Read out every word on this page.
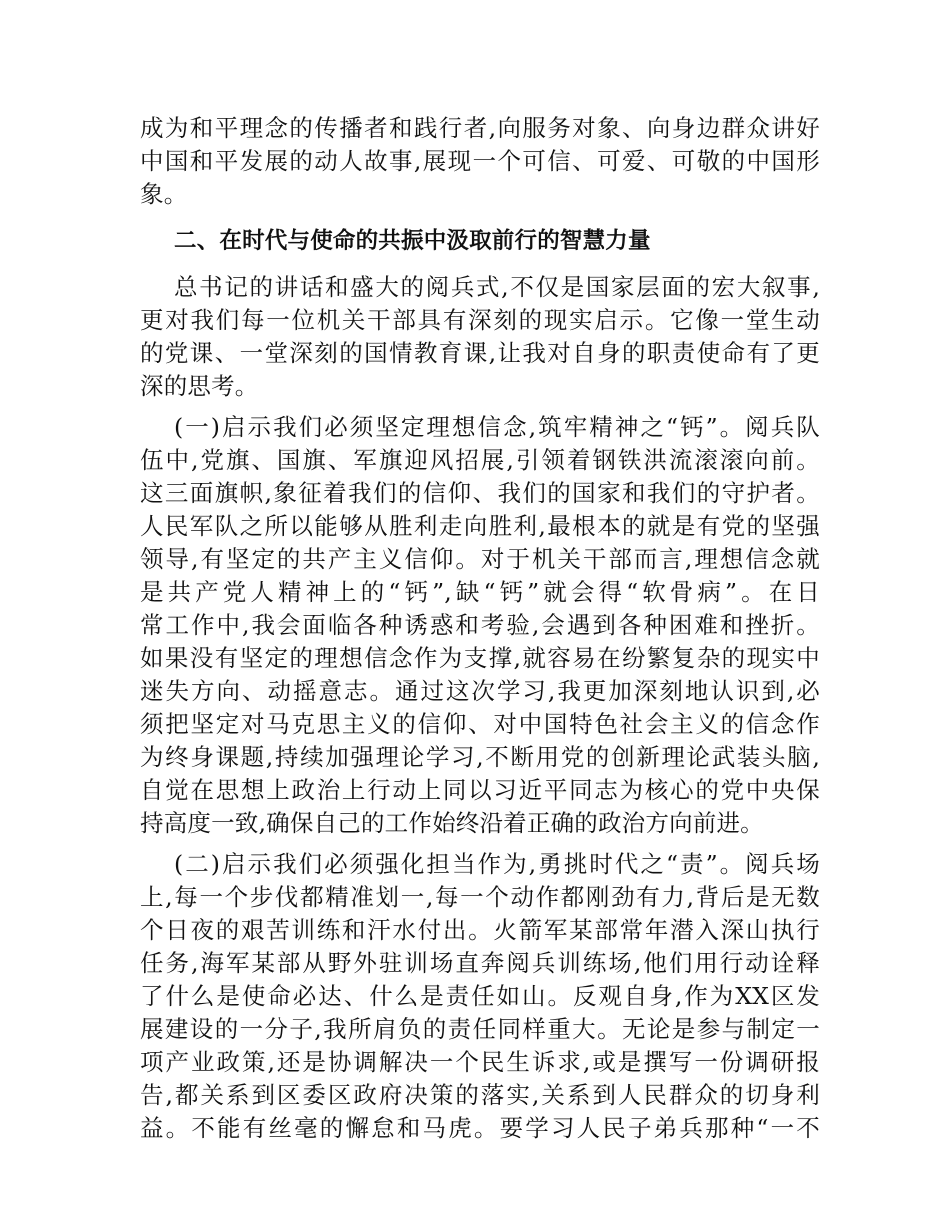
成为和平理念的传播者和践行者,向服务对象、向身边群众讲好
中国和平发展的动人故事,展现一个可信、可爱、可敬的中国形
象。
二、在时代与使命的共振中汲取前行的智慧力量
总书记的讲话和盛大的阅兵式,不仅是国家层面的宏大叙事,
更对我们每一位机关干部具有深刻的现实启示。它像一堂生动
的党课、一堂深刻的国情教育课,让我对自身的职责使命有了更
深的思考。
(一)启示我们必须坚定理想信念,筑牢精神之“钙”。阅兵队
伍中,党旗、国旗、军旗迎风招展,引领着钢铁洪流滚滚向前。
这三面旗帜,象征着我们的信仰、我们的国家和我们的守护者。
人民军队之所以能够从胜利走向胜利,最根本的就是有党的坚强
领导,有坚定的共产主义信仰。对于机关干部而言,理想信念就
是共产党人精神上的“钙”,缺“钙”就会得“软骨病”。在日
常工作中,我会面临各种诱惑和考验,会遇到各种困难和挫折。
如果没有坚定的理想信念作为支撑,就容易在纷繁复杂的现实中
迷失方向、动摇意志。通过这次学习,我更加深刻地认识到,必
须把坚定对马克思主义的信仰、对中国特色社会主义的信念作
为终身课题,持续加强理论学习,不断用党的创新理论武装头脑,
自觉在思想上政治上行动上同以习近平同志为核心的党中央保
持高度一致,确保自己的工作始终沿着正确的政治方向前进。
(二)启示我们必须强化担当作为,勇挑时代之“责”。阅兵场
上,每一个步伐都精准划一,每一个动作都刚劲有力,背后是无数
个日夜的艰苦训练和汗水付出。火箭军某部常年潜入深山执行
任务,海军某部从野外驻训场直奔阅兵训练场,他们用行动诠释
了什么是使命必达、什么是责任如山。反观自身,作为XX区发
展建设的一分子,我所肩负的责任同样重大。无论是参与制定一
项产业政策,还是协调解决一个民生诉求,或是撰写一份调研报
告,都关系到区委区政府决策的落实,关系到人民群众的切身利
益。不能有丝毫的懈怠和马虎。要学习人民子弟兵那种“一不
